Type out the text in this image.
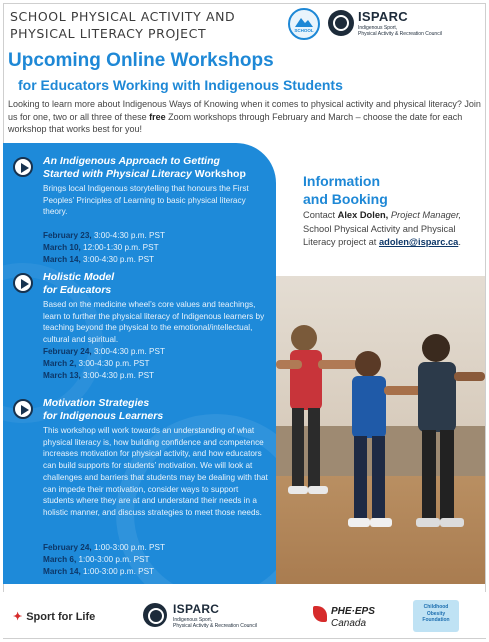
SCHOOL PHYSICAL ACTIVITY AND
PHYSICAL LITERACY PROJECT	SCHOOL
ISPARC
Indigenous Sport,
Physical Activity & Recreation Council
Upcoming Online Workshops
for Educators Working with Indigenous Students
Looking to learn more about Indigenous Ways of Knowing when it comes to physical activity and physical literacy? Join us for one, two or all three of these free Zoom workshops through February and March – choose the date for each workshop that works best for you!
An Indigenous Approach to Getting
Started with Physical Literacy Workshop
Brings local Indigenous storytelling that honours the First Peoples’ Principles of Learning to basic physical literacy theory.
February 23, 3:00-4:30 p.m. PST
March 10, 12:00-1:30 p.m. PST
March 14, 3:00-4:30 p.m. PST
Holistic Model
for Educators
Based on the medicine wheel’s core values and teachings, learn to further the physical literacy of Indigenous learners by teaching beyond the physical to the emotional/intellectual, cultural and spiritual.
February 24, 3:00-4:30 p.m. PST
March 2, 3:00-4:30 p.m. PST
March 13, 3:00-4:30 p.m. PST
Motivation Strategies
for Indigenous Learners
This workshop will work towards an understanding of what physical literacy is, how building confidence and competence increases motivation for physical activity, and how educators can build supports for students’ motivation. We will look at challenges and barriers that students may be dealing with that can impede their motivation, consider ways to support students where they are at and understand their needs in a holistic manner, and discuss strategies to meet those needs.
February 24, 1:00-3:00 p.m. PST
March 6, 1:00-3:00 p.m. PST
March 14, 1:00-3:00 p.m. PST
Information
and Booking
Contact Alex Dolen, Project Manager, School Physical Activity and Physical Literacy project at adolen@isparc.ca.
✦ Sport for Life
ISPARC
Indigenous Sport,
Physical Activity & Recreation Council
PHE·EPS
Canada
Childhood
Obesity
Foundation
